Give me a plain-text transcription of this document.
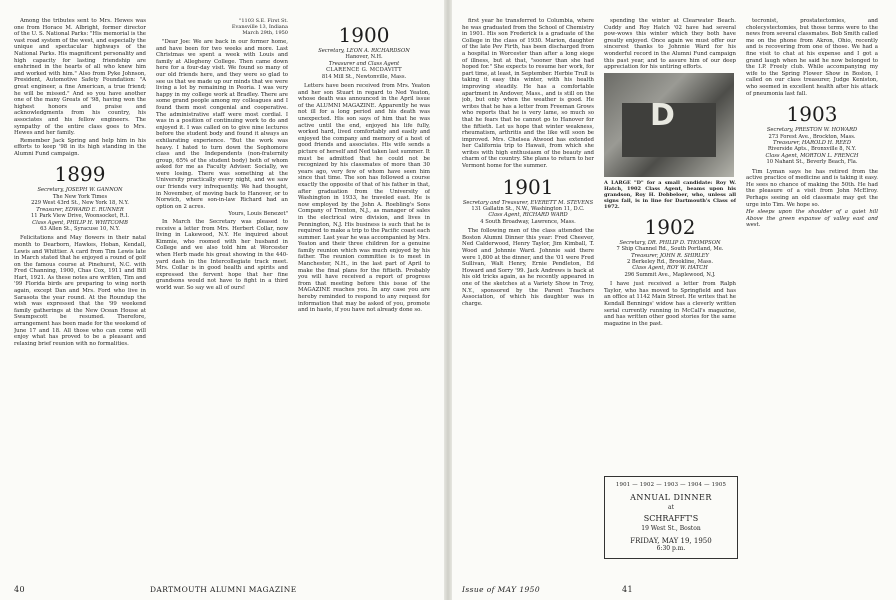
Among the tributes sent to Mrs. Hewes was one from Horace M. Albright, former director of the U. S. National Parks: "His memorial is the vast road system of the west, and especially the unique and spectacular highways of the National Parks. His magnificent personality and high capacity for lasting friendship are enshrined in the hearts of all who knew him and worked with him." Also from Pyke Johnson, President, Automotive Safety Foundation: "A great engineer, a fine American, a true friend; he will be missed." And so you have another one of the many Greats of '98, having won the highest honors and praise and acknowledgments from his country, his associates and his fellow engineers. The sympathy of the entire class goes to Mrs. Hewes and her family.

Remember Jack Spring and help him in his efforts to keep '98 in its high standing in the Alumni Fund campaign.

1899
Secretary, JOSEPH W. GANNON
The New York Times
229 West 43rd St., New York 18, N.Y.
Treasurer, EDWARD E. RUNNER
11 Park View Drive, Woonsocket, R.I.
Class Agent, PHILIP H. WHITCOMB
63 Allen St., Syracuse 10, N.Y.

Felicitations and May flowers in their natal month to Dearborn, Hawkes, Hoban, Kendall, Lewis and Whittier. A card from Tim Lewis late in March stated that he enjoyed a round of golf on the famous course at Pinehurst, N.C. with Fred Channing, 1900, Chas Cox, 1911 and Bill Hart, 1921. As these notes are written, Tim and '99 Florida birds are preparing to wing north again, except Dan and Mrs. Ford who live in Sarasota the year round. At the Roundup the wish was expressed that the '99 weekend family gatherings at the New Ocean House at Swampscott be resumed. Therefore, arrangement has been made for the weekend of June 17 and 18. All those who can come will enjoy what has proved to be a pleasant and relaxing brief reunion with no formalities.

"1103 S.E. First St.
Evansville 13, Indiana
March 29th, 1950

"Dear Joe: We are back in our former home, and have been for two weeks and more. Last Christmas we spent a week with Louis and family at Allegheny College. Then came down here for a four-day visit. We found so many of our old friends here, and they were so glad to see us that we made up our minds that we were living a lot by remaining in Peoria. I was very happy in my college work at Bradley. There are some grand people among my colleagues and I found them most congenial and cooperative. The administrative staff were most cordial. I was in a position of continuing work to do and enjoyed it. I was called on to give nine lectures before the student body and found it always an exhilarating experience. "But the work was heavy. I hated to turn down the Sophomore class and the Independents (non-fraternity group, 65% of the student body) both of whom asked for me as Faculty Adviser. Socially, we were losing. There was something at the University practically every night, and we saw our friends very infrequently. We had thought, in November, of moving back to Hanover, or to Norwich, where son-in-law Richard had an option on 2 acres.

Yours, Louis Benezet"

In March the Secretary was pleased to receive a letter from Mrs. Herbert Collar, now living in Lakewood, N.Y. He inquired about Kimmie, who roomed with her husband in College and we also told him at Worcester when Herb made his great showing in the 440-yard dash in the Intercollegiate track meet. Mrs. Collar is in good health and spirits and expressed the fervent hope that her fine grandsons would not have to fight in a third world war. So say we all of ours!

1900
Secretary, LEON A. RICHARDSON
Hanover, N.H.
Treasurer and Class Agent
CLARENCE G. MCDAVITT
814 Mill St., Newtonville, Mass.

Letters have been received from Mrs. Yeaton and her son Stuart in regard to Ned Yeaton, whose death was announced in the April issue of the ALUMNI MAGAZINE. Apparently he was not ill for a long period and his death was unexpected. His son says of him that he was active until the end, enjoyed his life fully, worked hard, lived comfortably and easily and enjoyed the company and memory of a host of good friends and associates. His wife sends a picture of herself and Ned taken last summer. It must be admitted that he could not be recognized by his classmates of more than 30 years ago, very few of whom have seen him since that time. The son has followed a course exactly the opposite of that of his father in that, after graduation from the University of Washington in 1933, he traveled east. He is now employed by the John A. Roebling's Sons Company of Trenton, N.J., as manager of sales in the electrical wire division, and lives in Pennington, N.J. His business is such that he is required to make a trip to the Pacific coast each summer. Last year he was accompanied by Mrs. Yeaton and their three children for a genuine family reunion which was much enjoyed by his father. The reunion committee is to meet in Manchester, N.H., in the last part of April to make the final plans for the fiftieth. Probably you will have received a report of progress from that meeting before this issue of the MAGAZINE reaches you. In any case you are hereby reminded to respond to any request for information that may be asked of you, promote and in haste, if you have not already done so.

40	DARTMOUTH ALUMNI MAGAZINE

first year he transferred to Columbia, where he was graduated from the School of Chemistry in 1901. His son Frederick is a graduate of the College in the class of 1930. Marion, daughter of the late Pev Firth, has been discharged from a hospital in Worcester than after a long siege of illness, but at that, "sooner than she had hoped for." She expects to resume her work, for part time, at least, in September. Herbie Trull is taking it easy this winter, with his health improving steadily. He has a comfortable apartment in Andover, Mass., and is still on the job, but only when the weather is good. He writes that he has a letter from Freeman Grows who reports that he is very lame, so much so that he fears that he cannot go to Hanover for the fiftieth. Let us hope that winter weakness, rheumatism, arthritis and the like will soon be improved. Mrs. Chelsea Atwood has extended her California trip to Hawaii, from which she writes with high enthusiasm of the beauty and charm of the country. She plans to return to her Vermont home for the summer.

1901
Secretary and Treasurer, EVERETT M. STEVENS
131 Gallatin St., N.W., Washington 11, D.C.
Class Agent, RICHARD WARD
4 South Broadway, Lawrence, Mass.

The following men of the class attended the Boston Alumni Dinner this year: Fred Cheever, Ned Calderwood, Henry Taylor, Jim Kimball, T. Wood and Johnnie Ward. Johnnie said there were 1,800 at the dinner, and the '01 were Fred Sullivan, Walt Henry, Ernie Pendleton, Ed Howard and Sorry '99. Jack Andrews is back at his old tricks again, as he recently appeared in one of the sketches at a Variety Show in Troy, N.Y., sponsored by the Parent Teachers Association, of which his daughter was in charge.

spending the winter at Clearwater Beach. Cuddy and Roy Hatch '02 have had several pow-wows this winter which they both have greatly enjoyed. Once again we must offer our sincerest thanks to Johnnie Ward for his wonderful record in the Alumni Fund campaign this past year, and to assure him of our deep appreciation for his untiring efforts.

D
A LARGE "D" for a small candidate: Roy W. Hatch, 1902 Class Agent, beams upon his grandson, Roy H. Dobbeloer, who, unless all signs fail, is in line for Dartmouth's Class of 1972.
1902
Secretary, DR. PHILIP D. THOMPSON
7 Ship Channel Rd., South Portland, Me.
Treasurer, JOHN R. SHIRLEY
2 Berkeley Rd., Brookline, Mass.
Class Agent, ROY W. HATCH
296 Summit Ave., Maplewood, N.J.

I have just received a letter from Ralph Taylor, who has moved to Springfield and has an office at 1142 Main Street. He writes that he Kendall Bennings' widow has a cleverly written serial currently running in McCall's magazine, and has written other good stories for the same magazine in the past.

tecronist, prostatectomies, and cholecystectomies, but those terms were to the news from several classmates. Bob Smith called me on the phone from Akron, Ohio, recently and is recovering from one of those. We had a fine visit to chat at his expense and I got a grand laugh when he said he now belonged to the I.P. Freely club. While accompanying my wife to the Spring Flower Show in Boston, I called on our class treasurer, Judge Keniston, who seemed in excellent health after his attack of pneumonia last fall.

1903
Secretary, PRESTON W. HOWARD
273 Forest Ave., Brockton, Mass.
Treasurer, HAROLD H. REED
Riverside Apts., Bronxville 8, N.Y.
Class Agent, MORTON L. FRENCH
10 Nahant St., Beverly Beach, Fla.

Tim Lyman says he has retired from the active practice of medicine and is taking it easy. He sees no chance of making the 50th. He had the pleasure of a visit from John McElroy. Perhaps seeing an old classmate may get the urge into Tim. We hope so.

He sleeps upon the shoulder of a quiet hill Above the green expanse of valley east and west.

1901 — 1902 — 1903 — 1904 — 1905
ANNUAL DINNER
at
SCHRAFFT'S
19 West St., Boston
FRIDAY, MAY 19, 1950
6:30 p.m.
Issue of MAY 1950	41
